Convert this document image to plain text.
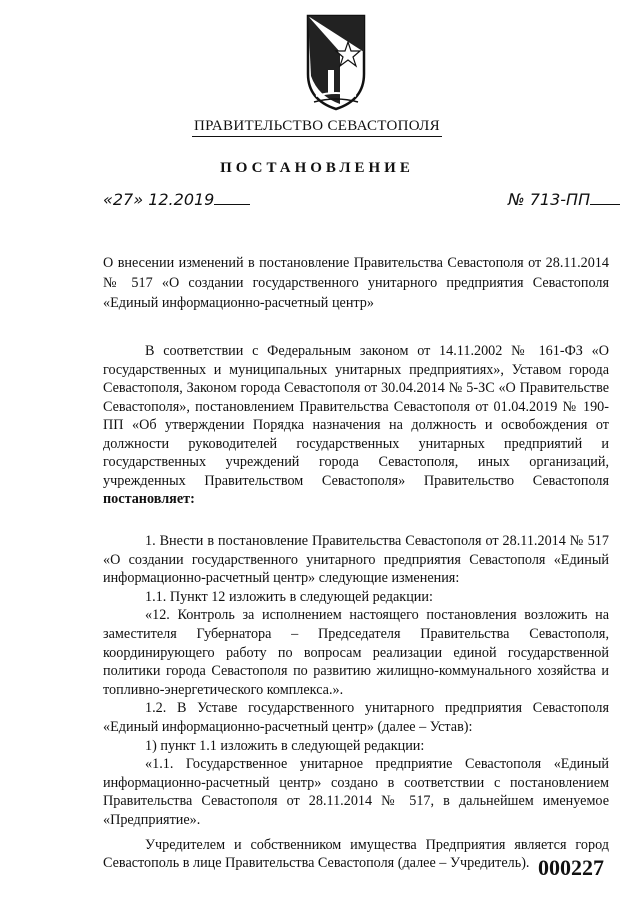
ПРАВИТЕЛЬСТВО СЕВАСТОПОЛЯ
ПОСТАНОВЛЕНИЕ
«27» 12.2019	№ 713-ПП
О внесении изменений в постановление Правительства Севастополя от 28.11.2014 № 517 «О создании государственного унитарного предприятия Севастополя «Единый информационно-расчетный центр»
В соответствии с Федеральным законом от 14.11.2002 № 161-ФЗ «О государственных и муниципальных унитарных предприятиях», Уставом города Севастополя, Законом города Севастополя от 30.04.2014 № 5-ЗС «О Правительстве Севастополя», постановлением Правительства Севастополя от 01.04.2019 № 190-ПП «Об утверждении Порядка назначения на должность и освобождения от должности руководителей государственных унитарных предприятий и государственных учреждений города Севастополя, иных организаций, учрежденных Правительством Севастополя» Правительство Севастополя постановляет:

1. Внести в постановление Правительства Севастополя от 28.11.2014 № 517 «О создании государственного унитарного предприятия Севастополя «Единый информационно-расчетный центр» следующие изменения:

1.1. Пункт 12 изложить в следующей редакции:

«12. Контроль за исполнением настоящего постановления возложить на заместителя Губернатора – Председателя Правительства Севастополя, координирующего работу по вопросам реализации единой государственной политики города Севастополя по развитию жилищно-коммунального хозяйства и топливно-энергетического комплекса.».

1.2. В Уставе государственного унитарного предприятия Севастополя «Единый информационно-расчетный центр» (далее – Устав):

1) пункт 1.1 изложить в следующей редакции:

«1.1. Государственное унитарное предприятие Севастополя «Единый информационно-расчетный центр» создано в соответствии с постановлением Правительства Севастополя от 28.11.2014 № 517, в дальнейшем именуемое «Предприятие».

Учредителем и собственником имущества Предприятия является город Севастополь в лице Правительства Севастополя (далее – Учредитель). 000227
